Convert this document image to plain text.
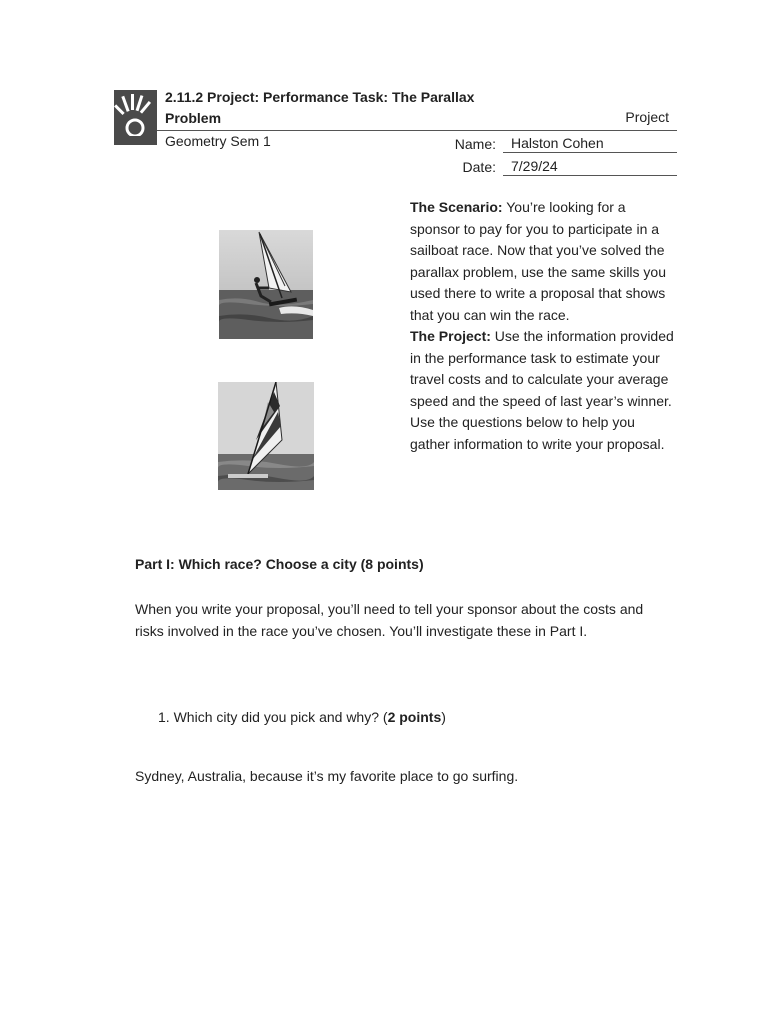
2.11.2 Project: Performance Task: The Parallax Problem	Project
Geometry Sem 1	Name:	Halston Cohen
Date:	7/29/24

The Scenario: You’re looking for a sponsor to pay for you to participate in a sailboat race. Now that you’ve solved the parallax problem, use the same skills you used there to write a proposal that shows that you can win the race.

The Project: Use the information provided in the performance task to estimate your travel costs and to calculate your average speed and the speed of last year’s winner. Use the questions below to help you gather information to write your proposal.

Part I: Which race? Choose a city (8 points)

When you write your proposal, you’ll need to tell your sponsor about the costs and risks involved in the race you’ve chosen. You’ll investigate these in Part I.

1. Which city did you pick and why? (2 points)
Sydney, Australia, because it’s my favorite place to go surfing.
